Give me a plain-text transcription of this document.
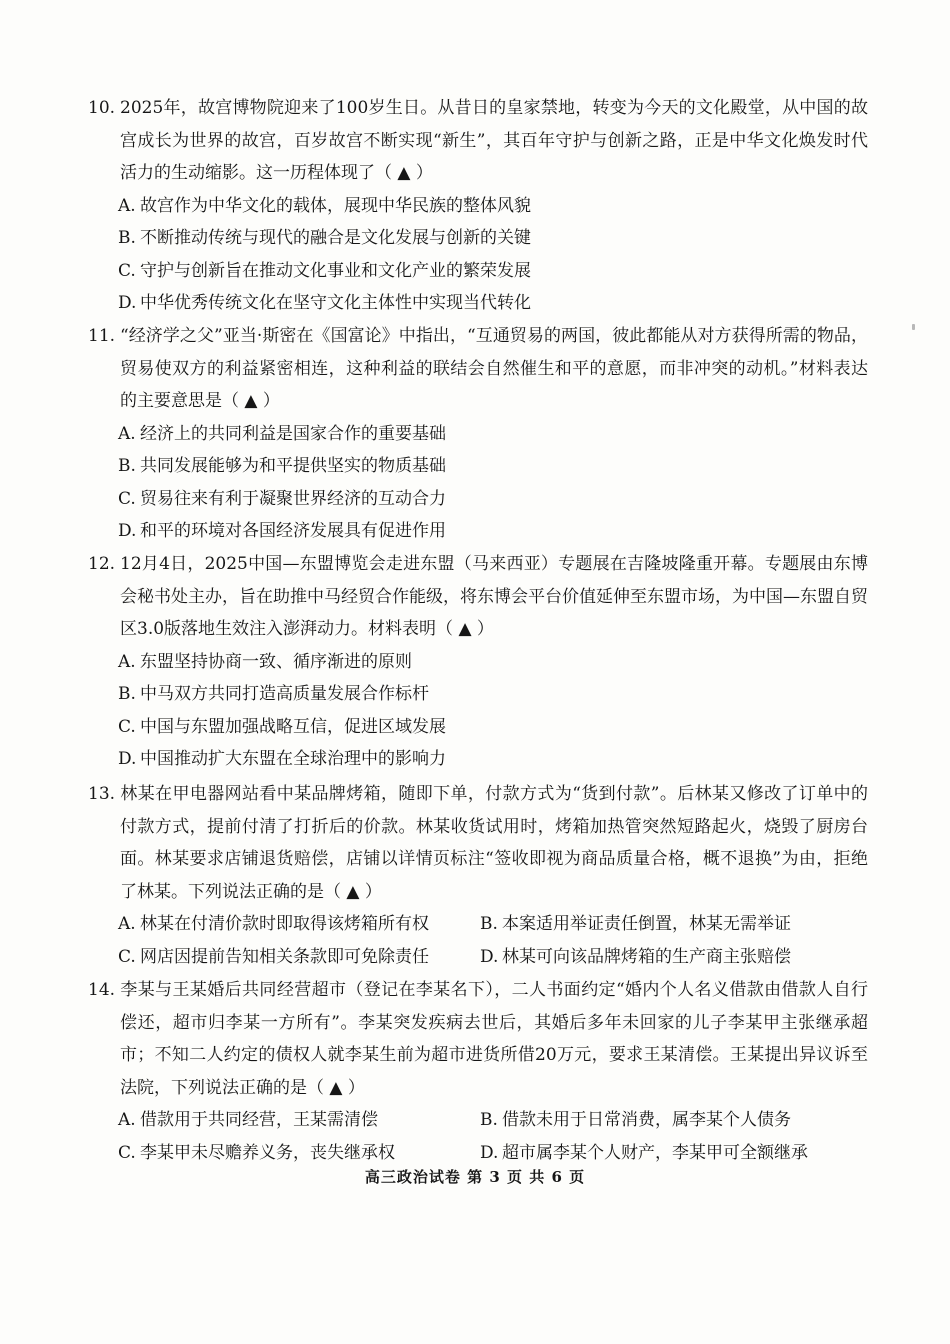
10. 2025年，故宫博物院迎来了100岁生日。从昔日的皇家禁地，转变为今天的文化殿堂，从中国的故宫成长为世界的故宫，百岁故宫不断实现“新生”，其百年守护与创新之路，正是中华文化焕发时代活力的生动缩影。这一历程体现了（ ▲ ）

A. 故宫作为中华文化的载体，展现中华民族的整体风貌
B. 不断推动传统与现代的融合是文化发展与创新的关键
C. 守护与创新旨在推动文化事业和文化产业的繁荣发展
D. 中华优秀传统文化在坚守文化主体性中实现当代转化

11. “经济学之父”亚当·斯密在《国富论》中指出，“互通贸易的两国，彼此都能从对方获得所需的物品，贸易使双方的利益紧密相连，这种利益的联结会自然催生和平的意愿，而非冲突的动机。”材料表达的主要意思是（ ▲ ）

A. 经济上的共同利益是国家合作的重要基础
B. 共同发展能够为和平提供坚实的物质基础
C. 贸易往来有利于凝聚世界经济的互动合力
D. 和平的环境对各国经济发展具有促进作用

12. 12月4日，2025中国—东盟博览会走进东盟（马来西亚）专题展在吉隆坡隆重开幕。专题展由东博会秘书处主办，旨在助推中马经贸合作能级，将东博会平台价值延伸至东盟市场，为中国—东盟自贸区3.0版落地生效注入澎湃动力。材料表明（ ▲ ）

A. 东盟坚持协商一致、循序渐进的原则
B. 中马双方共同打造高质量发展合作标杆
C. 中国与东盟加强战略互信，促进区域发展
D. 中国推动扩大东盟在全球治理中的影响力

13. 林某在甲电器网站看中某品牌烤箱，随即下单，付款方式为“货到付款”。后林某又修改了订单中的付款方式，提前付清了打折后的价款。林某收货试用时，烤箱加热管突然短路起火，烧毁了厨房台面。林某要求店铺退货赔偿，店铺以详情页标注“签收即视为商品质量合格，概不退换”为由，拒绝了林某。下列说法正确的是（ ▲ ）

A. 林某在付清价款时即取得该烤箱所有权	B. 本案适用举证责任倒置，林某无需举证
C. 网店因提前告知相关条款即可免除责任	D. 林某可向该品牌烤箱的生产商主张赔偿

14. 李某与王某婚后共同经营超市（登记在李某名下），二人书面约定“婚内个人名义借款由借款人自行偿还，超市归李某一方所有”。李某突发疾病去世后，其婚后多年未回家的儿子李某甲主张继承超市；不知二人约定的债权人就李某生前为超市进货所借20万元，要求王某清偿。王某提出异议诉至法院，下列说法正确的是（ ▲ ）

A. 借款用于共同经营，王某需清偿	B. 借款未用于日常消费，属李某个人债务
C. 李某甲未尽赡养义务，丧失继承权	D. 超市属李某个人财产，李某甲可全额继承
高三政治试卷 第 3 页 共 6 页
